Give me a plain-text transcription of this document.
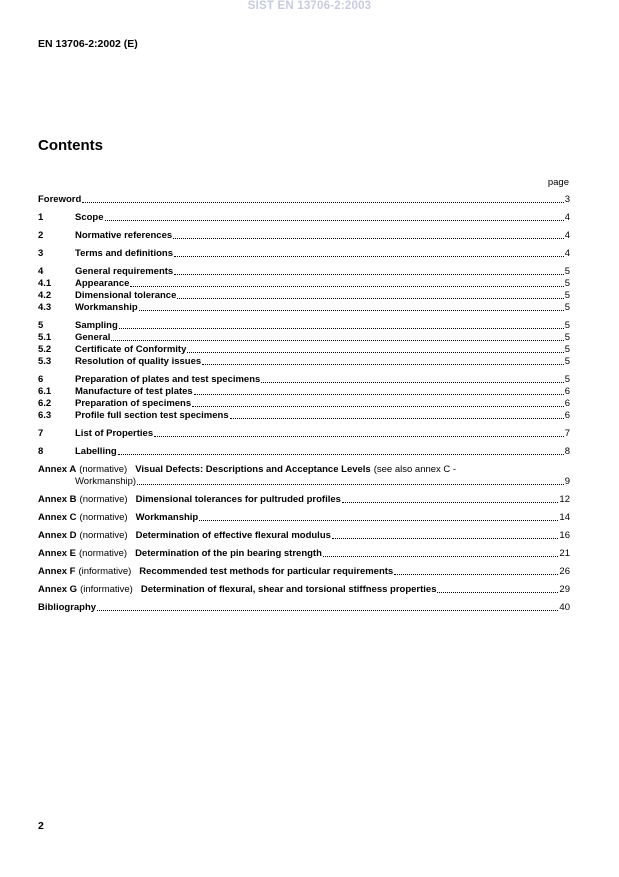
SIST EN 13706-2:2003
EN 13706-2:2002 (E)
Contents
page
Foreword	3
1	Scope	4
2	Normative references	4
3	Terms and definitions	4
4	General requirements	5
4.1	Appearance	5
4.2	Dimensional tolerance	5
4.3	Workmanship	5
5	Sampling	5
5.1	General	5
5.2	Certificate of Conformity	5
5.3	Resolution of quality issues	5
6	Preparation of plates and test specimens	5
6.1	Manufacture of test plates	6
6.2	Preparation of specimens	6
6.3	Profile full section test specimens	6
7	List of Properties	7
8	Labelling	8
Annex A (normative) Visual Defects: Descriptions and Acceptance Levels (see also annex C -
Workmanship)	9
Annex B (normative) Dimensional tolerances for pultruded profiles	12
Annex C (normative) Workmanship	14
Annex D (normative) Determination of effective flexural modulus	16
Annex E (normative) Determination of the pin bearing strength	21
Annex F (informative) Recommended test methods for particular requirements	26
Annex G (informative) Determination of flexural, shear and torsional stiffness properties	29
Bibliography	40
2
